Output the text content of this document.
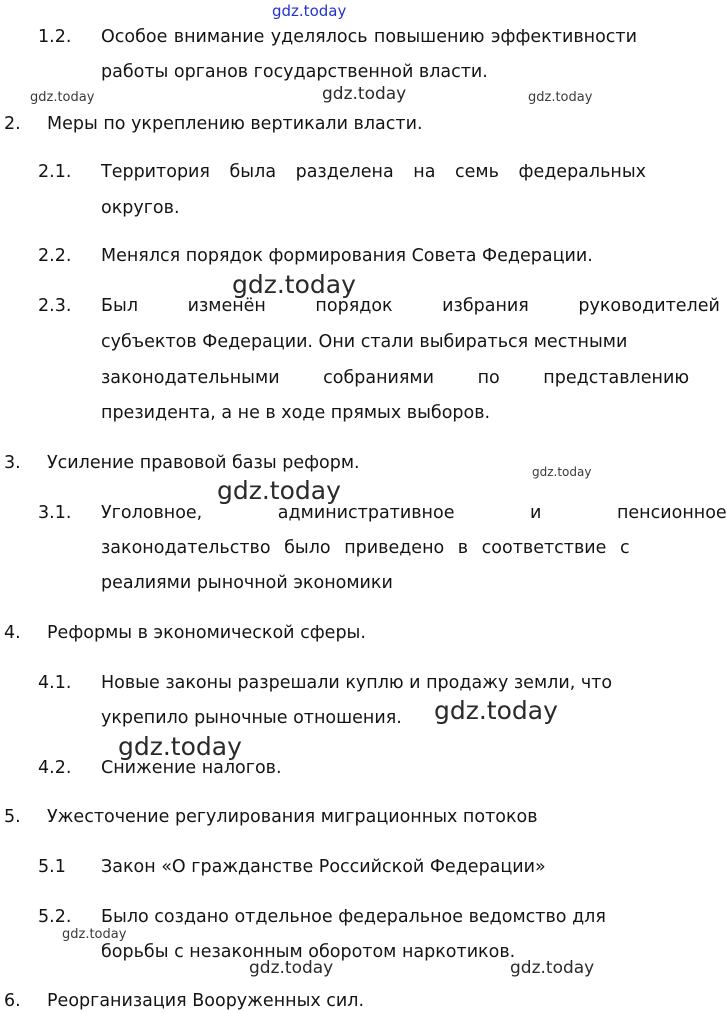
gdz.today
gdz.today	gdz.today	gdz.today
gdz.today
gdz.today
gdz.today
gdz.today
gdz.today
gdz.today
gdz.today	gdz.today
1.2. Особое внимание уделялось повышению эффективности
работы органов государственной власти.
2. Меры по укреплению вертикали власти.
2.1. Территория была разделена на семь федеральных
округов.
2.2. Менялся порядок формирования Совета Федерации.
2.3. Был изменён порядок избрания руководителей
субъектов Федерации. Они стали выбираться местными
законодательными собраниями по представлению
президента, а не в ходе прямых выборов.
3. Усиление правовой базы реформ.
3.1. Уголовное, административное и пенсионное
законодательство было приведено в соответствие с
реалиями рыночной экономики
4. Реформы в экономической сферы.
4.1. Новые законы разрешали куплю и продажу земли, что
укрепило рыночные отношения.
4.2. Снижение налогов.
5. Ужесточение регулирования миграционных потоков
5.1 Закон «О гражданстве Российской Федерации»
5.2. Было создано отдельное федеральное ведомство для
борьбы с незаконным оборотом наркотиков.
6. Реорганизация Вооруженных сил.
